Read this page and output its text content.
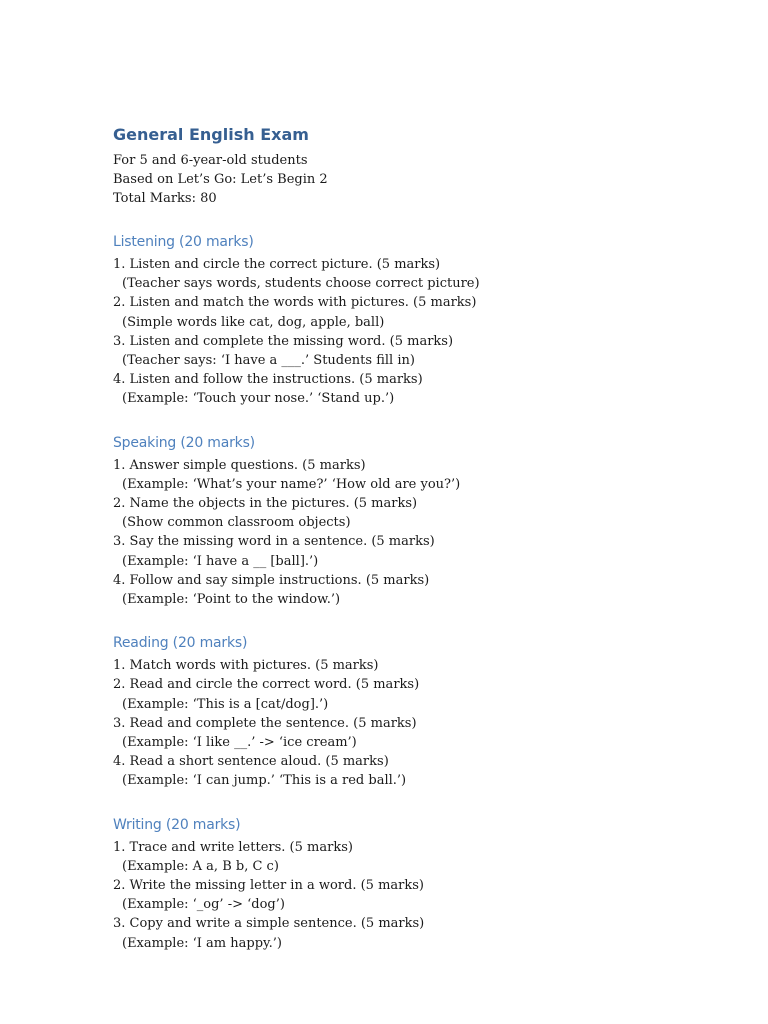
General English Exam

For 5 and 6-year-old students

Based on Let’s Go: Let’s Begin 2

Total Marks: 80

Listening (20 marks)

1. Listen and circle the correct picture. (5 marks)

(Teacher says words, students choose correct picture)

2. Listen and match the words with pictures. (5 marks)

(Simple words like cat, dog, apple, ball)

3. Listen and complete the missing word. (5 marks)

(Teacher says: ‘I have a ___.’ Students fill in)

4. Listen and follow the instructions. (5 marks)

(Example: ‘Touch your nose.’ ‘Stand up.’)

Speaking (20 marks)

1. Answer simple questions. (5 marks)

(Example: ‘What’s your name?’ ‘How old are you?’)

2. Name the objects in the pictures. (5 marks)

(Show common classroom objects)

3. Say the missing word in a sentence. (5 marks)

(Example: ‘I have a __ [ball].’)

4. Follow and say simple instructions. (5 marks)

(Example: ‘Point to the window.’)

Reading (20 marks)

1. Match words with pictures. (5 marks)

2. Read and circle the correct word. (5 marks)

(Example: ‘This is a [cat/dog].’)

3. Read and complete the sentence. (5 marks)

(Example: ‘I like __.’ -> ‘ice cream’)

4. Read a short sentence aloud. (5 marks)

(Example: ‘I can jump.’ ‘This is a red ball.’)

Writing (20 marks)

1. Trace and write letters. (5 marks)

(Example: A a, B b, C c)

2. Write the missing letter in a word. (5 marks)

(Example: ‘_og’ -> ‘dog’)

3. Copy and write a simple sentence. (5 marks)

(Example: ‘I am happy.’)
